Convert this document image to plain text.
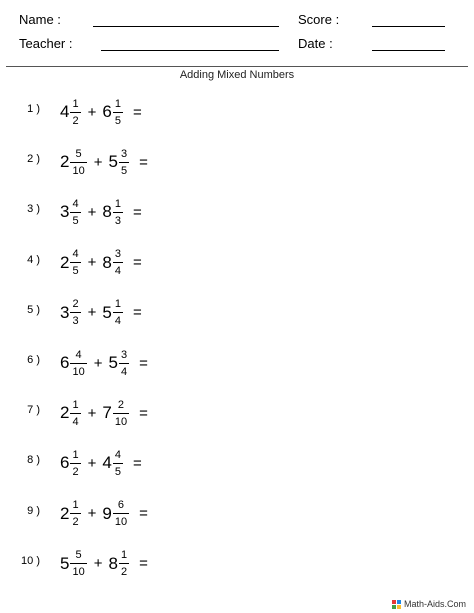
Name :	Score :
Teacher :	Date :
Adding Mixed Numbers
1 ) $4 \frac{1}{2} + 6 \frac{1}{5}$ =
2 ) $2 \frac{5}{10} + 5 \frac{3}{5}$ =
3 ) $3 \frac{4}{5} + 8 \frac{1}{3}$ =
4 ) $2 \frac{4}{5} + 8 \frac{3}{4}$ =
5 ) $3 \frac{2}{3} + 5 \frac{1}{4}$ =
6 ) $6 \frac{4}{10} + 5 \frac{3}{4}$ =
7 ) $2 \frac{1}{4} + 7 \frac{2}{10}$ =
8 ) $6 \frac{1}{2} + 4 \frac{4}{5}$ =
9 ) $2 \frac{1}{2} + 9 \frac{6}{10}$ =
10 ) $5 \frac{5}{10} + 8 \frac{1}{2}$ =
Math-Aids.Com
